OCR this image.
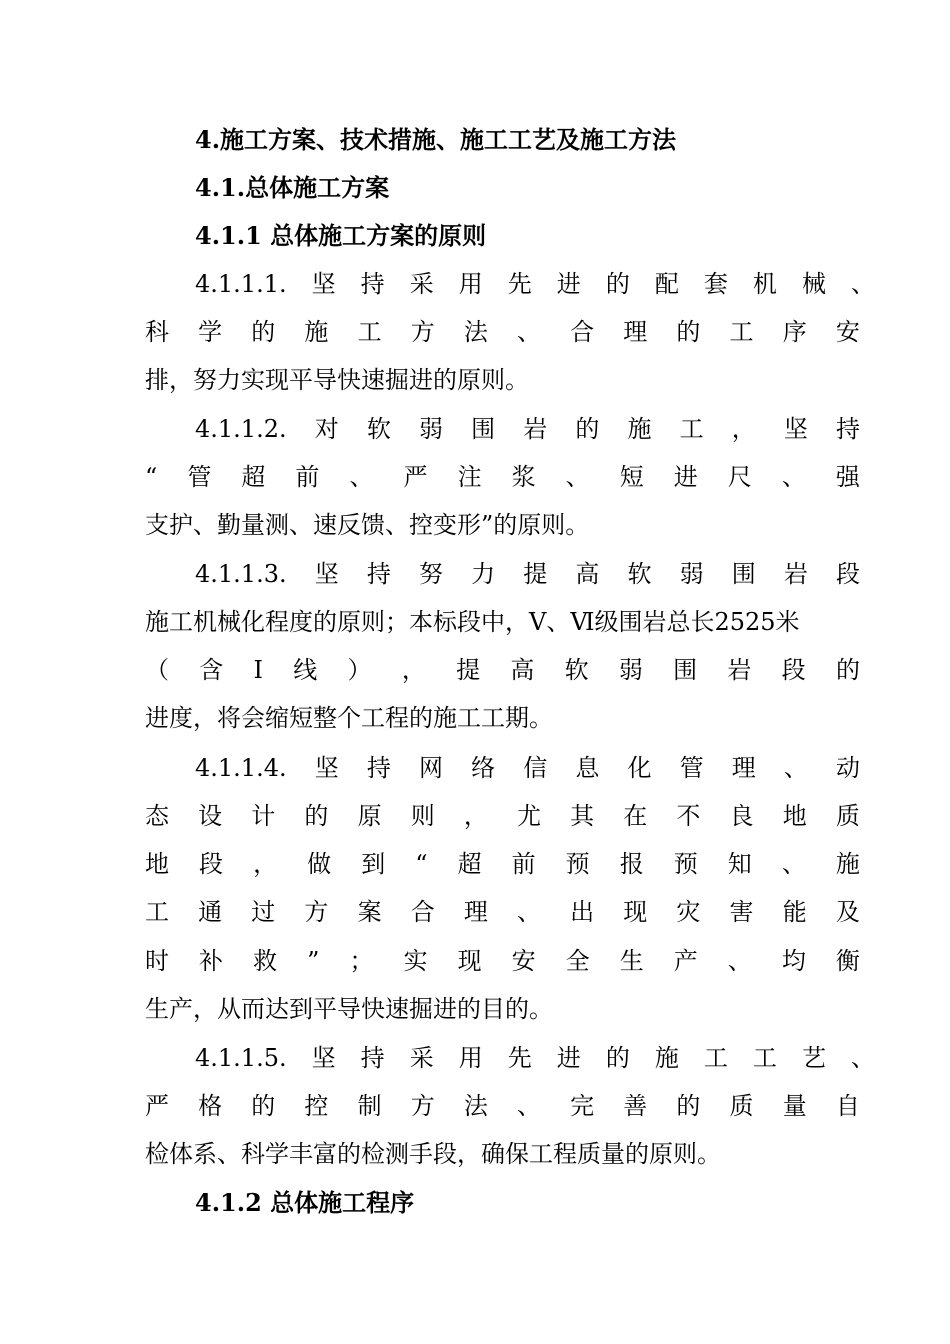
4.施工方案、技术措施、施工工艺及施工方法
4.1.总体施工方案
4.1.1 总体施工方案的原则
4.1.1.1. 坚 持 采 用 先 进 的 配 套 机 械 、
科 学 的 施 工 方 法 、 合 理 的 工 序 安
排，努力实现平导快速掘进的原则。
4.1.1.2. 对 软 弱 围 岩 的 施 工 ， 坚 持
“ 管 超 前 、 严 注 浆 、 短 进 尺 、 强
支护、勤量测、速反馈、控变形”的原则。
4.1.1.3. 坚 持 努 力 提 高 软 弱 围 岩 段
施工机械化程度的原则；本标段中，Ⅴ、Ⅵ级围岩总长2525米
（ 含 Ⅰ 线 ） ， 提 高 软 弱 围 岩 段 的
进度，将会缩短整个工程的施工工期。
4.1.1.4. 坚 持 网 络 信 息 化 管 理 、 动
态 设 计 的 原 则 ， 尤 其 在 不 良 地 质
地 段 ， 做 到 “ 超 前 预 报 预 知 、 施
工 通 过 方 案 合 理 、 出 现 灾 害 能 及
时 补 救 ” ； 实 现 安 全 生 产 、 均 衡
生产，从而达到平导快速掘进的目的。
4.1.1.5. 坚 持 采 用 先 进 的 施 工 工 艺 、
严 格 的 控 制 方 法 、 完 善 的 质 量 自
检体系、科学丰富的检测手段，确保工程质量的原则。
4.1.2 总体施工程序
